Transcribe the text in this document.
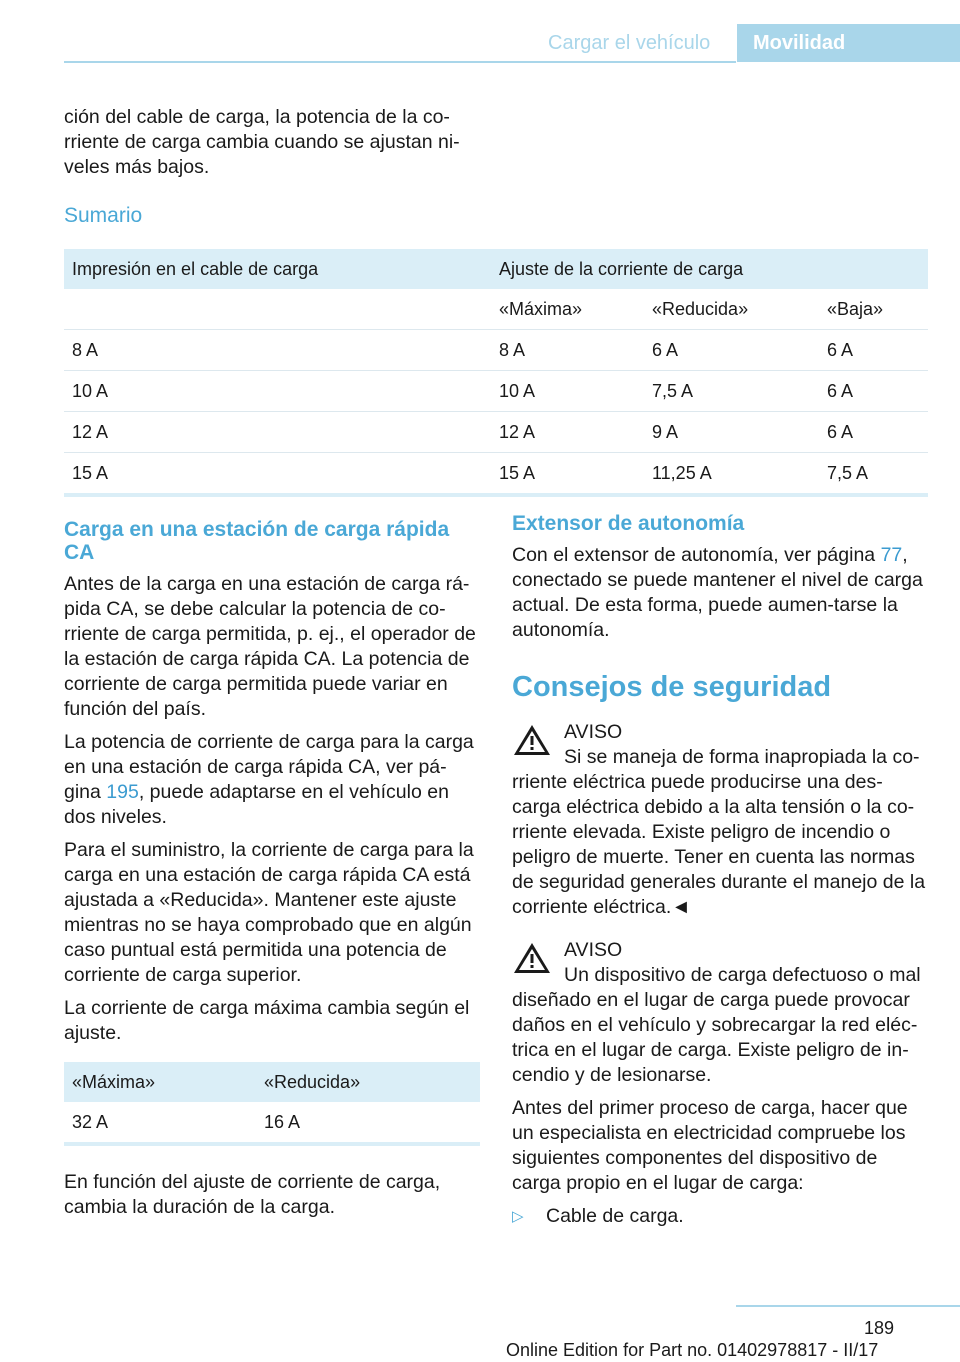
Cargar el vehículo	Movilidad

ción del cable de carga, la potencia de la co-rriente de carga cambia cuando se ajustan ni-veles más bajos.

Sumario
Impresión en el cable de carga	Ajuste de la corriente de carga		
	«Máxima»	«Reducida»	«Baja»
8 A	8 A	6 A	6 A
10 A	10 A	7,5 A	6 A
12 A	12 A	9 A	6 A
15 A	15 A	11,25 A	7,5 A
Carga en una estación de carga rápida CA

Antes de la carga en una estación de carga rá-pida CA, se debe calcular la potencia de co-rriente de carga permitida, p. ej., el operador de la estación de carga rápida CA. La potencia de corriente de carga permitida puede variar en función del país.

La potencia de corriente de carga para la carga en una estación de carga rápida CA, ver pá-gina 195, puede adaptarse en el vehículo en dos niveles.

Para el suministro, la corriente de carga para la carga en una estación de carga rápida CA está ajustada a «Reducida». Mantener este ajuste mientras no se haya comprobado que en algún caso puntual está permitida una potencia de corriente de carga superior.

La corriente de carga máxima cambia según el ajuste.

«Máxima»	«Reducida»
32 A	16 A

En función del ajuste de corriente de carga, cambia la duración de la carga.

Extensor de autonomía

Con el extensor de autonomía, ver página 77, conectado se puede mantener el nivel de carga actual. De esta forma, puede aumen-tarse la autonomía.

Consejos de seguridad
AVISO
Si se maneja de forma inapropiada la co-

rriente eléctrica puede producirse una des-carga eléctrica debido a la alta tensión o la co-rriente elevada. Existe peligro de incendio o peligro de muerte. Tener en cuenta las normas de seguridad generales durante el manejo de la corriente eléctrica.◄

AVISO
Un dispositivo de carga defectuoso o mal

diseñado en el lugar de carga puede provocar daños en el vehículo y sobrecargar la red eléc-trica en el lugar de carga. Existe peligro de in-cendio y de lesionarse.

Antes del primer proceso de carga, hacer que un especialista en electricidad compruebe los siguientes componentes del dispositivo de carga propio en el lugar de carga:

▷	Cable de carga.
189
Online Edition for Part no. 01402978817 - II/17
